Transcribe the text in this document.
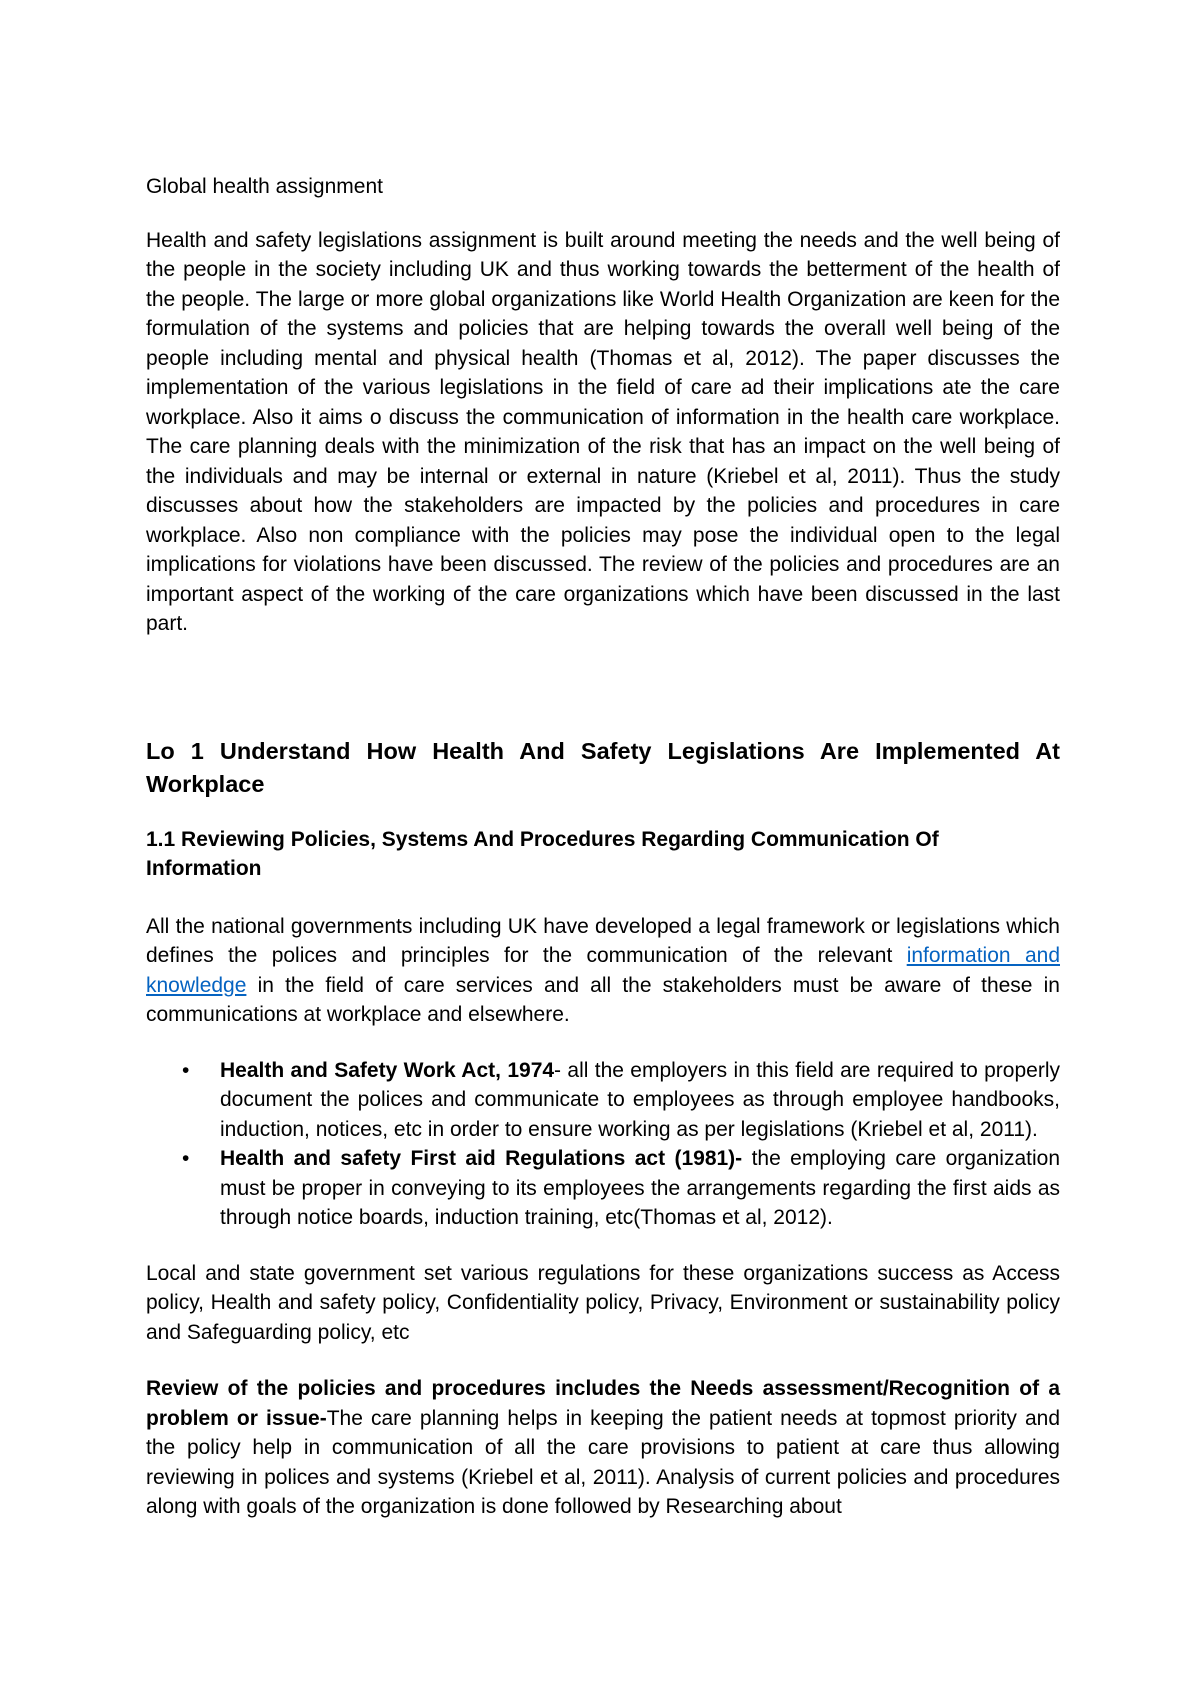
Global health assignment

Health and safety legislations assignment is built around meeting the needs and the well being of the people in the society including UK and thus working towards the betterment of the health of the people. The large or more global organizations like World Health Organization are keen for the formulation of the systems and policies that are helping towards the overall well being of the people including mental and physical health (Thomas et al, 2012). The paper discusses the implementation of the various legislations in the field of care ad their implications ate the care workplace. Also it aims o discuss the communication of information in the health care workplace. The care planning deals with the minimization of the risk that has an impact on the well being of the individuals and may be internal or external in nature (Kriebel et al, 2011). Thus the study discusses about how the stakeholders are impacted by the policies and procedures in care workplace. Also non compliance with the policies may pose the individual open to the legal implications for violations have been discussed. The review of the policies and procedures are an important aspect of the working of the care organizations which have been discussed in the last part.

Lo 1 Understand How Health And Safety Legislations Are Implemented At Workplace
1.1 Reviewing Policies, Systems And Procedures Regarding Communication Of Information

All the national governments including UK have developed a legal framework or legislations which defines the polices and principles for the communication of the relevant information and knowledge in the field of care services and all the stakeholders must be aware of these in communications at workplace and elsewhere.

• Health and Safety Work Act, 1974- all the employers in this field are required to properly document the polices and communicate to employees as through employee handbooks, induction, notices, etc in order to ensure working as per legislations (Kriebel et al, 2011).
• Health and safety First aid Regulations act (1981)- the employing care organization must be proper in conveying to its employees the arrangements regarding the first aids as through notice boards, induction training, etc(Thomas et al, 2012).

Local and state government set various regulations for these organizations success as Access policy, Health and safety policy, Confidentiality policy, Privacy, Environment or sustainability policy and Safeguarding policy, etc

Review of the policies and procedures includes the Needs assessment/Recognition of a problem or issue-The care planning helps in keeping the patient needs at topmost priority and the policy help in communication of all the care provisions to patient at care thus allowing reviewing in polices and systems (Kriebel et al, 2011). Analysis of current policies and procedures along with goals of the organization is done followed by Researching about
